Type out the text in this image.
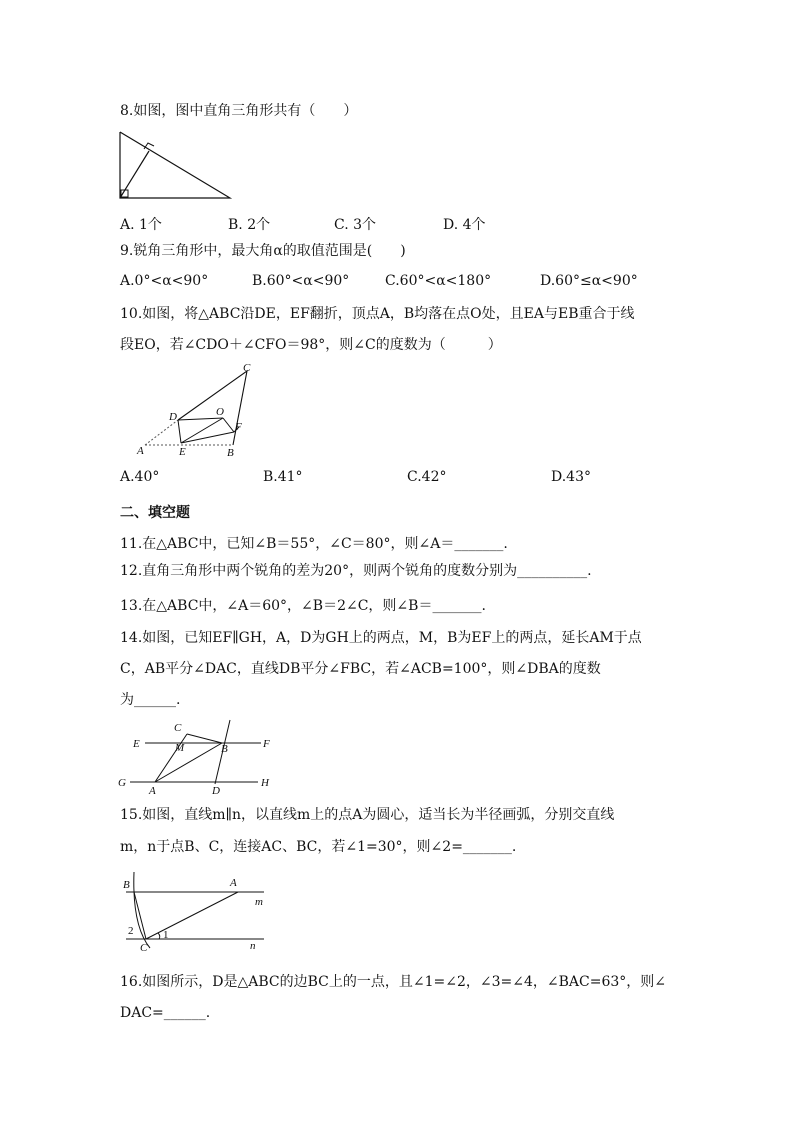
8.如图，图中直角三角形共有（　　）
A. 1个	B. 2个	C. 3个	D. 4个
9.锐角三角形中，最大角α的取值范围是(　　)
A.0°<α<90°	B.60°<α<90°	C.60°<α<180°	D.60°≤α<90°
10.如图，将△ABC沿DE，EF翻折，顶点A，B均落在点O处，且EA与EB重合于线
段EO，若∠CDO＋∠CFO＝98°，则∠C的度数为（　　　）
C
D	O
F
A	E	B
A.40°	B.41°	C.42°	D.43°
二、填空题
11.在△ABC中，已知∠B＝55°，∠C＝80°，则∠A＝_______.
12.直角三角形中两个锐角的差为20°，则两个锐角的度数分别为__________.
13.在△ABC中，∠A＝60°，∠B＝2∠C，则∠B＝_______.
14.如图，已知EF∥GH，A，D为GH上的两点，M，B为EF上的两点，延长AM于点
C，AB平分∠DAC，直线DB平分∠FBC，若∠ACB=100°，则∠DBA的度数
为______.
C
E	M	B	F
G
A	D
H
15.如图，直线m∥n，以直线m上的点A为圆心，适当长为半径画弧，分别交直线
m，n于点B、C，连接AC、BC，若∠1=30°，则∠2=_______.
B	A
m
n
C
1
2
16.如图所示，D是△ABC的边BC上的一点，且∠1=∠2，∠3=∠4，∠BAC=63°，则∠
DAC=______.
